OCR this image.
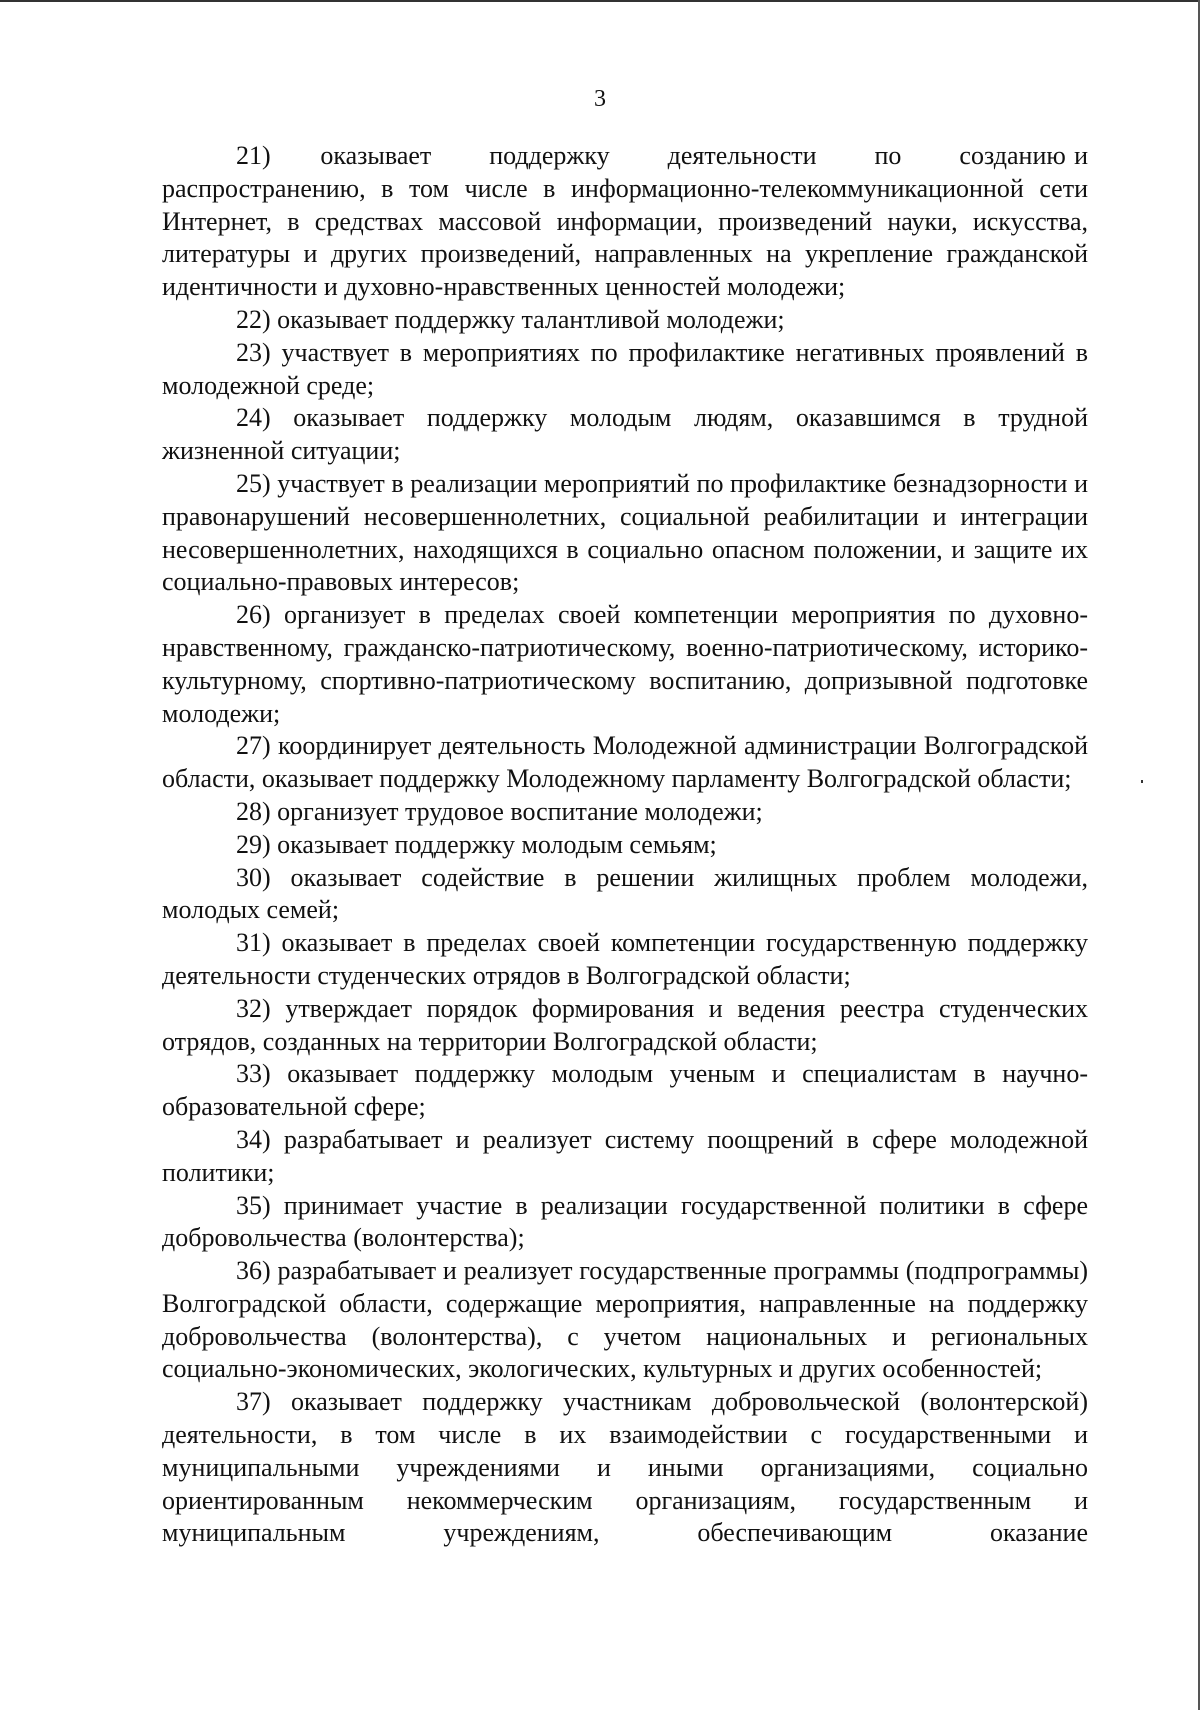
3

21)      оказывает       поддержку       деятельности       по       созданию и распространению, в том числе в информационно-телекоммуникационной сети Интернет, в средствах массовой информации, произведений науки, искусства, литературы и других произведений, направленных на укрепление гражданской идентичности и духовно-нравственных ценностей молодежи;

22) оказывает поддержку талантливой молодежи;

23) участвует в мероприятиях по профилактике негативных проявлений в молодежной среде;

24) оказывает поддержку молодым людям, оказавшимся в трудной жизненной ситуации;

25) участвует в реализации мероприятий по профилактике безнадзорности и правонарушений несовершеннолетних, социальной реабилитации и интеграции несовершеннолетних, находящихся в социально опасном положении, и защите их социально-правовых интересов;

26) организует в пределах своей компетенции мероприятия по духовно-нравственному, гражданско-патриотическому, военно-патриотическому, историко-культурному, спортивно-патриотическому воспитанию, допризывной подготовке молодежи;

27) координирует деятельность Молодежной администрации Волгоградской области, оказывает поддержку Молодежному парламенту Волгоградской области;

28) организует трудовое воспитание молодежи;

29) оказывает поддержку молодым семьям;

30) оказывает содействие в решении жилищных проблем молодежи, молодых семей;

31) оказывает в пределах своей компетенции государственную поддержку деятельности студенческих отрядов в Волгоградской области;

32) утверждает порядок формирования и ведения реестра студенческих отрядов, созданных на территории Волгоградской области;

33) оказывает поддержку молодым ученым и специалистам в научно-образовательной сфере;

34) разрабатывает и реализует систему поощрений в сфере молодежной политики;

35) принимает участие в реализации государственной политики в сфере добровольчества (волонтерства);

36) разрабатывает и реализует государственные программы (подпрограммы) Волгоградской области, содержащие мероприятия, направленные на поддержку добровольчества (волонтерства), с учетом национальных и региональных социально-экономических, экологических, культурных и других особенностей;

37) оказывает поддержку участникам добровольческой (волонтерской) деятельности, в том числе в их взаимодействии с государственными и муниципальными учреждениями и иными организациями, социально ориентированным некоммерческим организациям, государственным и муниципальным учреждениям, обеспечивающим оказание
